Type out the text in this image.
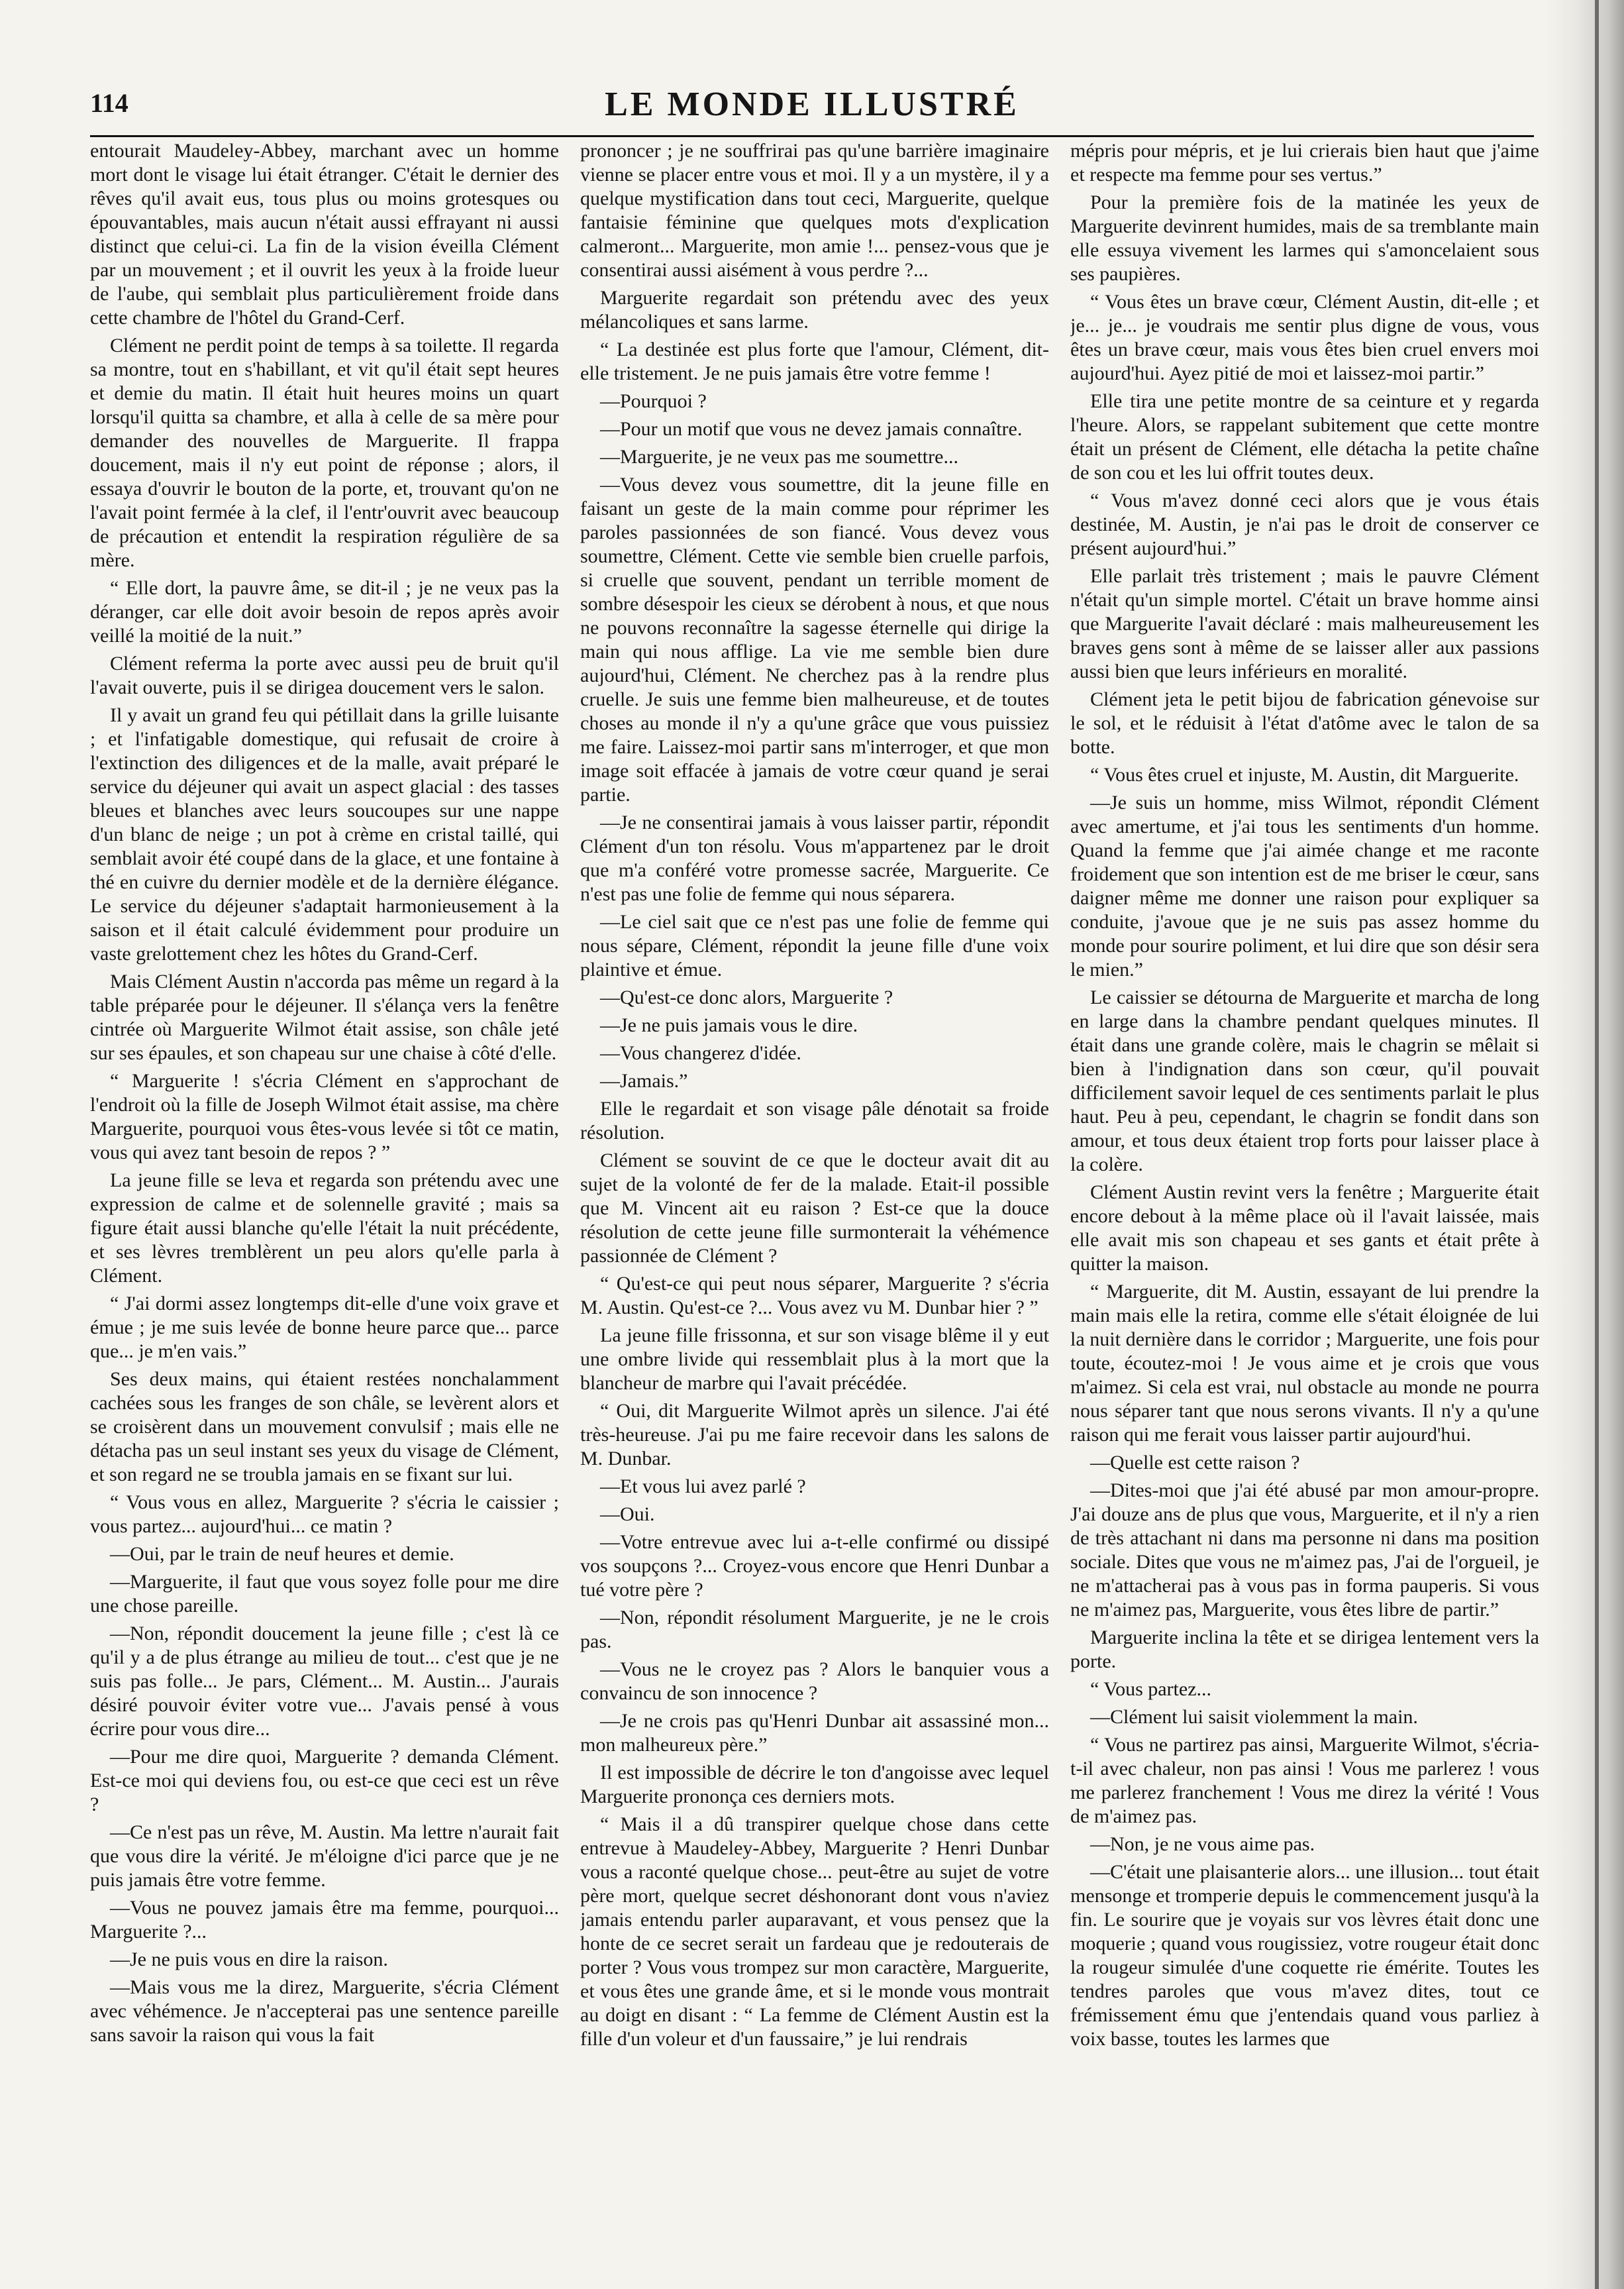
114	LE MONDE ILLUSTRÉ

entourait Maudeley-Abbey, marchant avec un homme mort dont le visage lui était étranger. C'était le dernier des rêves qu'il avait eus, tous plus ou moins grotesques ou épouvantables, mais aucun n'était aussi effrayant ni aussi distinct que celui-ci. La fin de la vision éveilla Clément par un mouvement ; et il ouvrit les yeux à la froide lueur de l'aube, qui semblait plus particulièrement froide dans cette chambre de l'hôtel du Grand-Cerf.

Clément ne perdit point de temps à sa toilette. Il regarda sa montre, tout en s'habillant, et vit qu'il était sept heures et demie du matin. Il était huit heures moins un quart lorsqu'il quitta sa chambre, et alla à celle de sa mère pour demander des nouvelles de Marguerite. Il frappa doucement, mais il n'y eut point de réponse ; alors, il essaya d'ouvrir le bouton de la porte, et, trouvant qu'on ne l'avait point fermée à la clef, il l'entr'ouvrit avec beaucoup de précaution et entendit la respiration régulière de sa mère.

“ Elle dort, la pauvre âme, se dit-il ; je ne veux pas la déranger, car elle doit avoir besoin de repos après avoir veillé la moitié de la nuit.”

Clément referma la porte avec aussi peu de bruit qu'il l'avait ouverte, puis il se dirigea doucement vers le salon.

Il y avait un grand feu qui pétillait dans la grille luisante ; et l'infatigable domestique, qui refusait de croire à l'extinction des diligences et de la malle, avait préparé le service du déjeuner qui avait un aspect glacial : des tasses bleues et blanches avec leurs soucoupes sur une nappe d'un blanc de neige ; un pot à crème en cristal taillé, qui semblait avoir été coupé dans de la glace, et une fontaine à thé en cuivre du dernier modèle et de la dernière élégance. Le service du déjeuner s'adaptait harmonieusement à la saison et il était calculé évidemment pour produire un vaste grelottement chez les hôtes du Grand-Cerf.

Mais Clément Austin n'accorda pas même un regard à la table préparée pour le déjeuner. Il s'élança vers la fenêtre cintrée où Marguerite Wilmot était assise, son châle jeté sur ses épaules, et son chapeau sur une chaise à côté d'elle.

“ Marguerite ! s'écria Clément en s'approchant de l'endroit où la fille de Joseph Wilmot était assise, ma chère Marguerite, pourquoi vous êtes-vous levée si tôt ce matin, vous qui avez tant besoin de repos ? ”

La jeune fille se leva et regarda son prétendu avec une expression de calme et de solennelle gravité ; mais sa figure était aussi blanche qu'elle l'était la nuit précédente, et ses lèvres tremblèrent un peu alors qu'elle parla à Clément.

“ J'ai dormi assez longtemps dit-elle d'une voix grave et émue ; je me suis levée de bonne heure parce que... parce que... je m'en vais.”

Ses deux mains, qui étaient restées nonchalamment cachées sous les franges de son châle, se levèrent alors et se croisèrent dans un mouvement convulsif ; mais elle ne détacha pas un seul instant ses yeux du visage de Clément, et son regard ne se troubla jamais en se fixant sur lui.

“ Vous vous en allez, Marguerite ? s'écria le caissier ; vous partez... aujourd'hui... ce matin ?

—Oui, par le train de neuf heures et demie.

—Marguerite, il faut que vous soyez folle pour me dire une chose pareille.

—Non, répondit doucement la jeune fille ; c'est là ce qu'il y a de plus étrange au milieu de tout... c'est que je ne suis pas folle... Je pars, Clément... M. Austin... J'aurais désiré pouvoir éviter votre vue... J'avais pensé à vous écrire pour vous dire...

—Pour me dire quoi, Marguerite ? demanda Clément. Est-ce moi qui deviens fou, ou est-ce que ceci est un rêve ?

—Ce n'est pas un rêve, M. Austin. Ma lettre n'aurait fait que vous dire la vérité. Je m'éloigne d'ici parce que je ne puis jamais être votre femme.

—Vous ne pouvez jamais être ma femme, pourquoi... Marguerite ?...

—Je ne puis vous en dire la raison.

—Mais vous me la direz, Marguerite, s'écria Clément avec véhémence. Je n'accepterai pas une sentence pareille sans savoir la raison qui vous la fait

prononcer ; je ne souffrirai pas qu'une barrière imaginaire vienne se placer entre vous et moi. Il y a un mystère, il y a quelque mystification dans tout ceci, Marguerite, quelque fantaisie féminine que quelques mots d'explication calmeront... Marguerite, mon amie !... pensez-vous que je consentirai aussi aisément à vous perdre ?...

Marguerite regardait son prétendu avec des yeux mélancoliques et sans larme.

“ La destinée est plus forte que l'amour, Clément, dit-elle tristement. Je ne puis jamais être votre femme !

—Pourquoi ?

—Pour un motif que vous ne devez jamais connaître.

—Marguerite, je ne veux pas me soumettre...

—Vous devez vous soumettre, dit la jeune fille en faisant un geste de la main comme pour réprimer les paroles passionnées de son fiancé. Vous devez vous soumettre, Clément. Cette vie semble bien cruelle parfois, si cruelle que souvent, pendant un terrible moment de sombre désespoir les cieux se dérobent à nous, et que nous ne pouvons reconnaître la sagesse éternelle qui dirige la main qui nous afflige. La vie me semble bien dure aujourd'hui, Clément. Ne cherchez pas à la rendre plus cruelle. Je suis une femme bien malheureuse, et de toutes choses au monde il n'y a qu'une grâce que vous puissiez me faire. Laissez-moi partir sans m'interroger, et que mon image soit effacée à jamais de votre cœur quand je serai partie.

—Je ne consentirai jamais à vous laisser partir, répondit Clément d'un ton résolu. Vous m'appartenez par le droit que m'a conféré votre promesse sacrée, Marguerite. Ce n'est pas une folie de femme qui nous séparera.

—Le ciel sait que ce n'est pas une folie de femme qui nous sépare, Clément, répondit la jeune fille d'une voix plaintive et émue.

—Qu'est-ce donc alors, Marguerite ?

—Je ne puis jamais vous le dire.

—Vous changerez d'idée.

—Jamais.”

Elle le regardait et son visage pâle dénotait sa froide résolution.

Clément se souvint de ce que le docteur avait dit au sujet de la volonté de fer de la malade. Etait-il possible que M. Vincent ait eu raison ? Est-ce que la douce résolution de cette jeune fille surmonterait la véhémence passionnée de Clément ?

“ Qu'est-ce qui peut nous séparer, Marguerite ? s'écria M. Austin. Qu'est-ce ?... Vous avez vu M. Dunbar hier ? ”

La jeune fille frissonna, et sur son visage blême il y eut une ombre livide qui ressemblait plus à la mort que la blancheur de marbre qui l'avait précédée.

“ Oui, dit Marguerite Wilmot après un silence. J'ai été très-heureuse. J'ai pu me faire recevoir dans les salons de M. Dunbar.

—Et vous lui avez parlé ?

—Oui.

—Votre entrevue avec lui a-t-elle confirmé ou dissipé vos soupçons ?... Croyez-vous encore que Henri Dunbar a tué votre père ?

—Non, répondit résolument Marguerite, je ne le crois pas.

—Vous ne le croyez pas ? Alors le banquier vous a convaincu de son innocence ?

—Je ne crois pas qu'Henri Dunbar ait assassiné mon... mon malheureux père.”

Il est impossible de décrire le ton d'angoisse avec lequel Marguerite prononça ces derniers mots.

“ Mais il a dû transpirer quelque chose dans cette entrevue à Maudeley-Abbey, Marguerite ? Henri Dunbar vous a raconté quelque chose... peut-être au sujet de votre père mort, quelque secret déshonorant dont vous n'aviez jamais entendu parler auparavant, et vous pensez que la honte de ce secret serait un fardeau que je redouterais de porter ? Vous vous trompez sur mon caractère, Marguerite, et vous êtes une grande âme, et si le monde vous montrait au doigt en disant : “ La femme de Clément Austin est la fille d'un voleur et d'un faussaire,” je lui rendrais

mépris pour mépris, et je lui crierais bien haut que j'aime et respecte ma femme pour ses vertus.”

Pour la première fois de la matinée les yeux de Marguerite devinrent humides, mais de sa tremblante main elle essuya vivement les larmes qui s'amoncelaient sous ses paupières.

“ Vous êtes un brave cœur, Clément Austin, dit-elle ; et je... je... je voudrais me sentir plus digne de vous, vous êtes un brave cœur, mais vous êtes bien cruel envers moi aujourd'hui. Ayez pitié de moi et laissez-moi partir.”

Elle tira une petite montre de sa ceinture et y regarda l'heure. Alors, se rappelant subitement que cette montre était un présent de Clément, elle détacha la petite chaîne de son cou et les lui offrit toutes deux.

“ Vous m'avez donné ceci alors que je vous étais destinée, M. Austin, je n'ai pas le droit de conserver ce présent aujourd'hui.”

Elle parlait très tristement ; mais le pauvre Clément n'était qu'un simple mortel. C'était un brave homme ainsi que Marguerite l'avait déclaré : mais malheureusement les braves gens sont à même de se laisser aller aux passions aussi bien que leurs inférieurs en moralité.

Clément jeta le petit bijou de fabrication génevoise sur le sol, et le réduisit à l'état d'atôme avec le talon de sa botte.

“ Vous êtes cruel et injuste, M. Austin, dit Marguerite.

—Je suis un homme, miss Wilmot, répondit Clément avec amertume, et j'ai tous les sentiments d'un homme. Quand la femme que j'ai aimée change et me raconte froidement que son intention est de me briser le cœur, sans daigner même me donner une raison pour expliquer sa conduite, j'avoue que je ne suis pas assez homme du monde pour sourire poliment, et lui dire que son désir sera le mien.”

Le caissier se détourna de Marguerite et marcha de long en large dans la chambre pendant quelques minutes. Il était dans une grande colère, mais le chagrin se mêlait si bien à l'indignation dans son cœur, qu'il pouvait difficilement savoir lequel de ces sentiments parlait le plus haut. Peu à peu, cependant, le chagrin se fondit dans son amour, et tous deux étaient trop forts pour laisser place à la colère.

Clément Austin revint vers la fenêtre ; Marguerite était encore debout à la même place où il l'avait laissée, mais elle avait mis son chapeau et ses gants et était prête à quitter la maison.

“ Marguerite, dit M. Austin, essayant de lui prendre la main mais elle la retira, comme elle s'était éloignée de lui la nuit dernière dans le corridor ; Marguerite, une fois pour toute, écoutez-moi ! Je vous aime et je crois que vous m'aimez. Si cela est vrai, nul obstacle au monde ne pourra nous séparer tant que nous serons vivants. Il n'y a qu'une raison qui me ferait vous laisser partir aujourd'hui.

—Quelle est cette raison ?

—Dites-moi que j'ai été abusé par mon amour-propre. J'ai douze ans de plus que vous, Marguerite, et il n'y a rien de très attachant ni dans ma personne ni dans ma position sociale. Dites que vous ne m'aimez pas, J'ai de l'orgueil, je ne m'attacherai pas à vous pas in forma pauperis. Si vous ne m'aimez pas, Marguerite, vous êtes libre de partir.”

Marguerite inclina la tête et se dirigea lentement vers la porte.

“ Vous partez...

—Clément lui saisit violemment la main.

“ Vous ne partirez pas ainsi, Marguerite Wilmot, s'écria-t-il avec chaleur, non pas ainsi ! Vous me parlerez ! vous me parlerez franchement ! Vous me direz la vérité ! Vous de m'aimez pas.

—Non, je ne vous aime pas.

—C'était une plaisanterie alors... une illusion... tout était mensonge et tromperie depuis le commencement jusqu'à la fin. Le sourire que je voyais sur vos lèvres était donc une moquerie ; quand vous rougissiez, votre rougeur était donc la rougeur simulée d'une coquette rie émérite. Toutes les tendres paroles que vous m'avez dites, tout ce frémissement ému que j'entendais quand vous parliez à voix basse, toutes les larmes que
